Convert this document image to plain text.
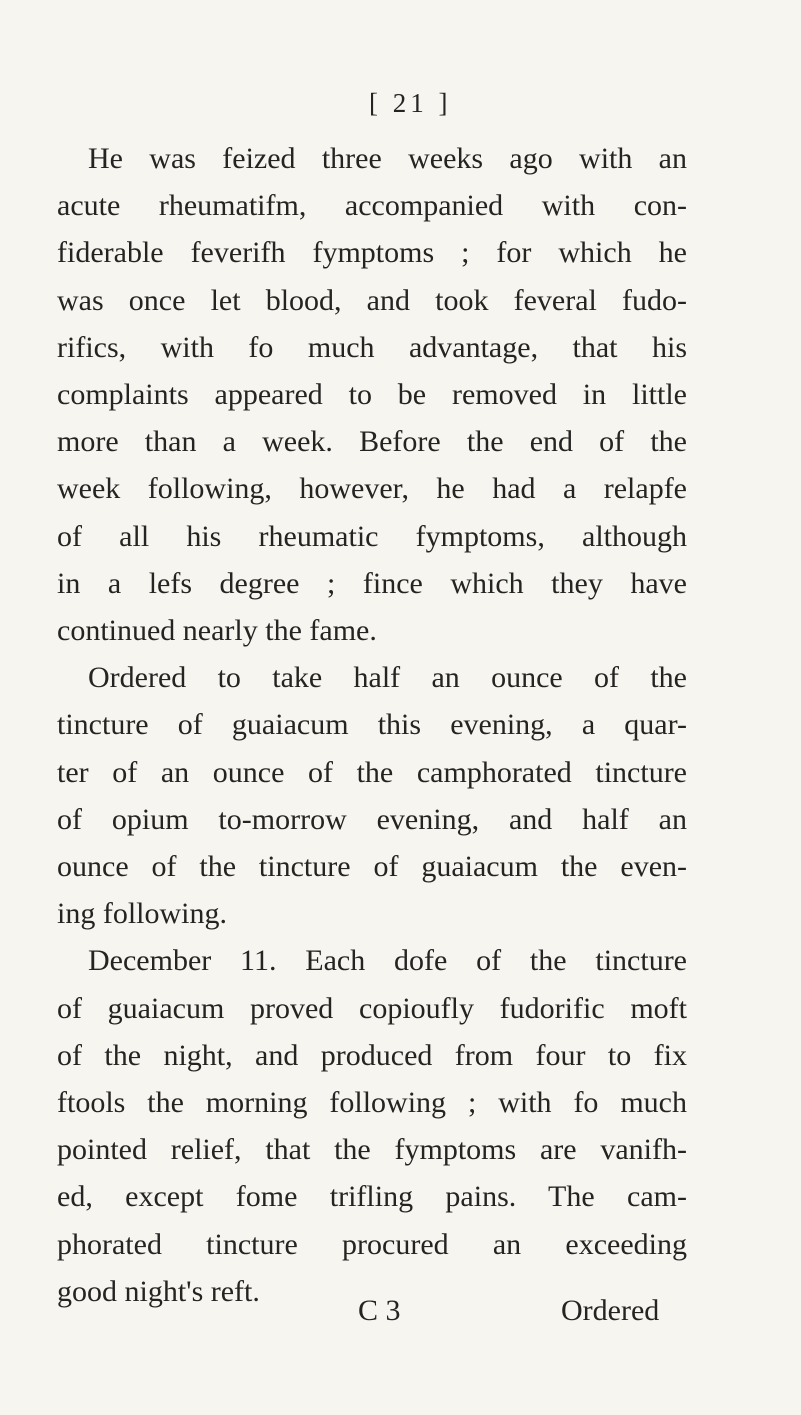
[ 21 ]
He was feized three weeks ago with an
acute rheumatifm, accompanied with con-
fiderable feverifh fymptoms ; for which he
was once let blood, and took feveral fudo-
rifics, with fo much advantage, that his
complaints appeared to be removed in little
more than a week. Before the end of the
week following, however, he had a relapfe
of all his rheumatic fymptoms, although
in a lefs degree ; fince which they have
continued nearly the fame.
Ordered to take half an ounce of the
tincture of guaiacum this evening, a quar-
ter of an ounce of the camphorated tincture
of opium to-morrow evening, and half an
ounce of the tincture of guaiacum the even-
ing following.
December 11. Each dofe of the tincture
of guaiacum proved copioufly fudorific moft
of the night, and produced from four to fix
ftools the morning following ; with fo much
pointed relief, that the fymptoms are vanifh-
ed, except fome trifling pains. The cam-
phorated tincture procured an exceeding
good night's reft.
C 3	Ordered
